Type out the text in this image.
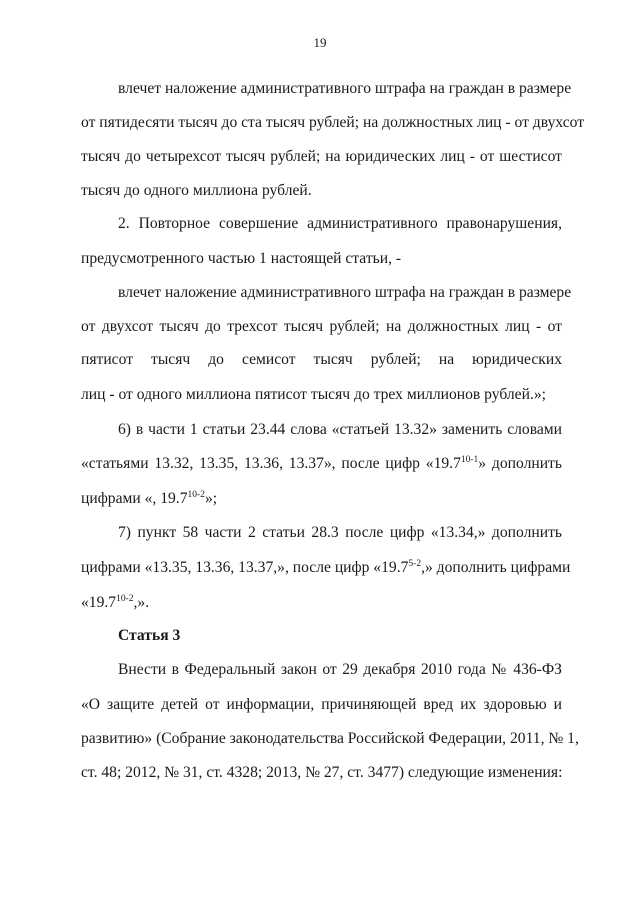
19
влечет наложение административного штрафа на граждан в размере
от пятидесяти тысяч до ста тысяч рублей; на должностных лиц - от двухсот
тысяч до четырехсот тысяч рублей; на юридических лиц - от шестисот
тысяч до одного миллиона рублей.
2. Повторное совершение административного правонарушения,
предусмотренного частью 1 настоящей статьи, -
влечет наложение административного штрафа на граждан в размере
от двухсот тысяч до трехсот тысяч рублей; на должностных лиц - от
пятисот тысяч до семисот тысяч рублей; на юридических
лиц - от одного миллиона пятисот тысяч до трех миллионов рублей.»;
6) в части 1 статьи 23.44 слова «статьей 13.32» заменить словами
«статьями 13.32, 13.35, 13.36, 13.37», после цифр «19.7$^{10-1}$» дополнить
цифрами «, 19.7$^{10-2}$»;
7) пункт 58 части 2 статьи 28.3 после цифр «13.34,» дополнить
цифрами «13.35, 13.36, 13.37,», после цифр «19.7$^{5-2}$,» дополнить цифрами
«19.7$^{10-2}$,».
Статья 3
Внести в Федеральный закон от 29 декабря 2010 года № 436-ФЗ
«О защите детей от информации, причиняющей вред их здоровью и
развитию» (Собрание законодательства Российской Федерации, 2011, № 1,
ст. 48; 2012, № 31, ст. 4328; 2013, № 27, ст. 3477) следующие изменения:
